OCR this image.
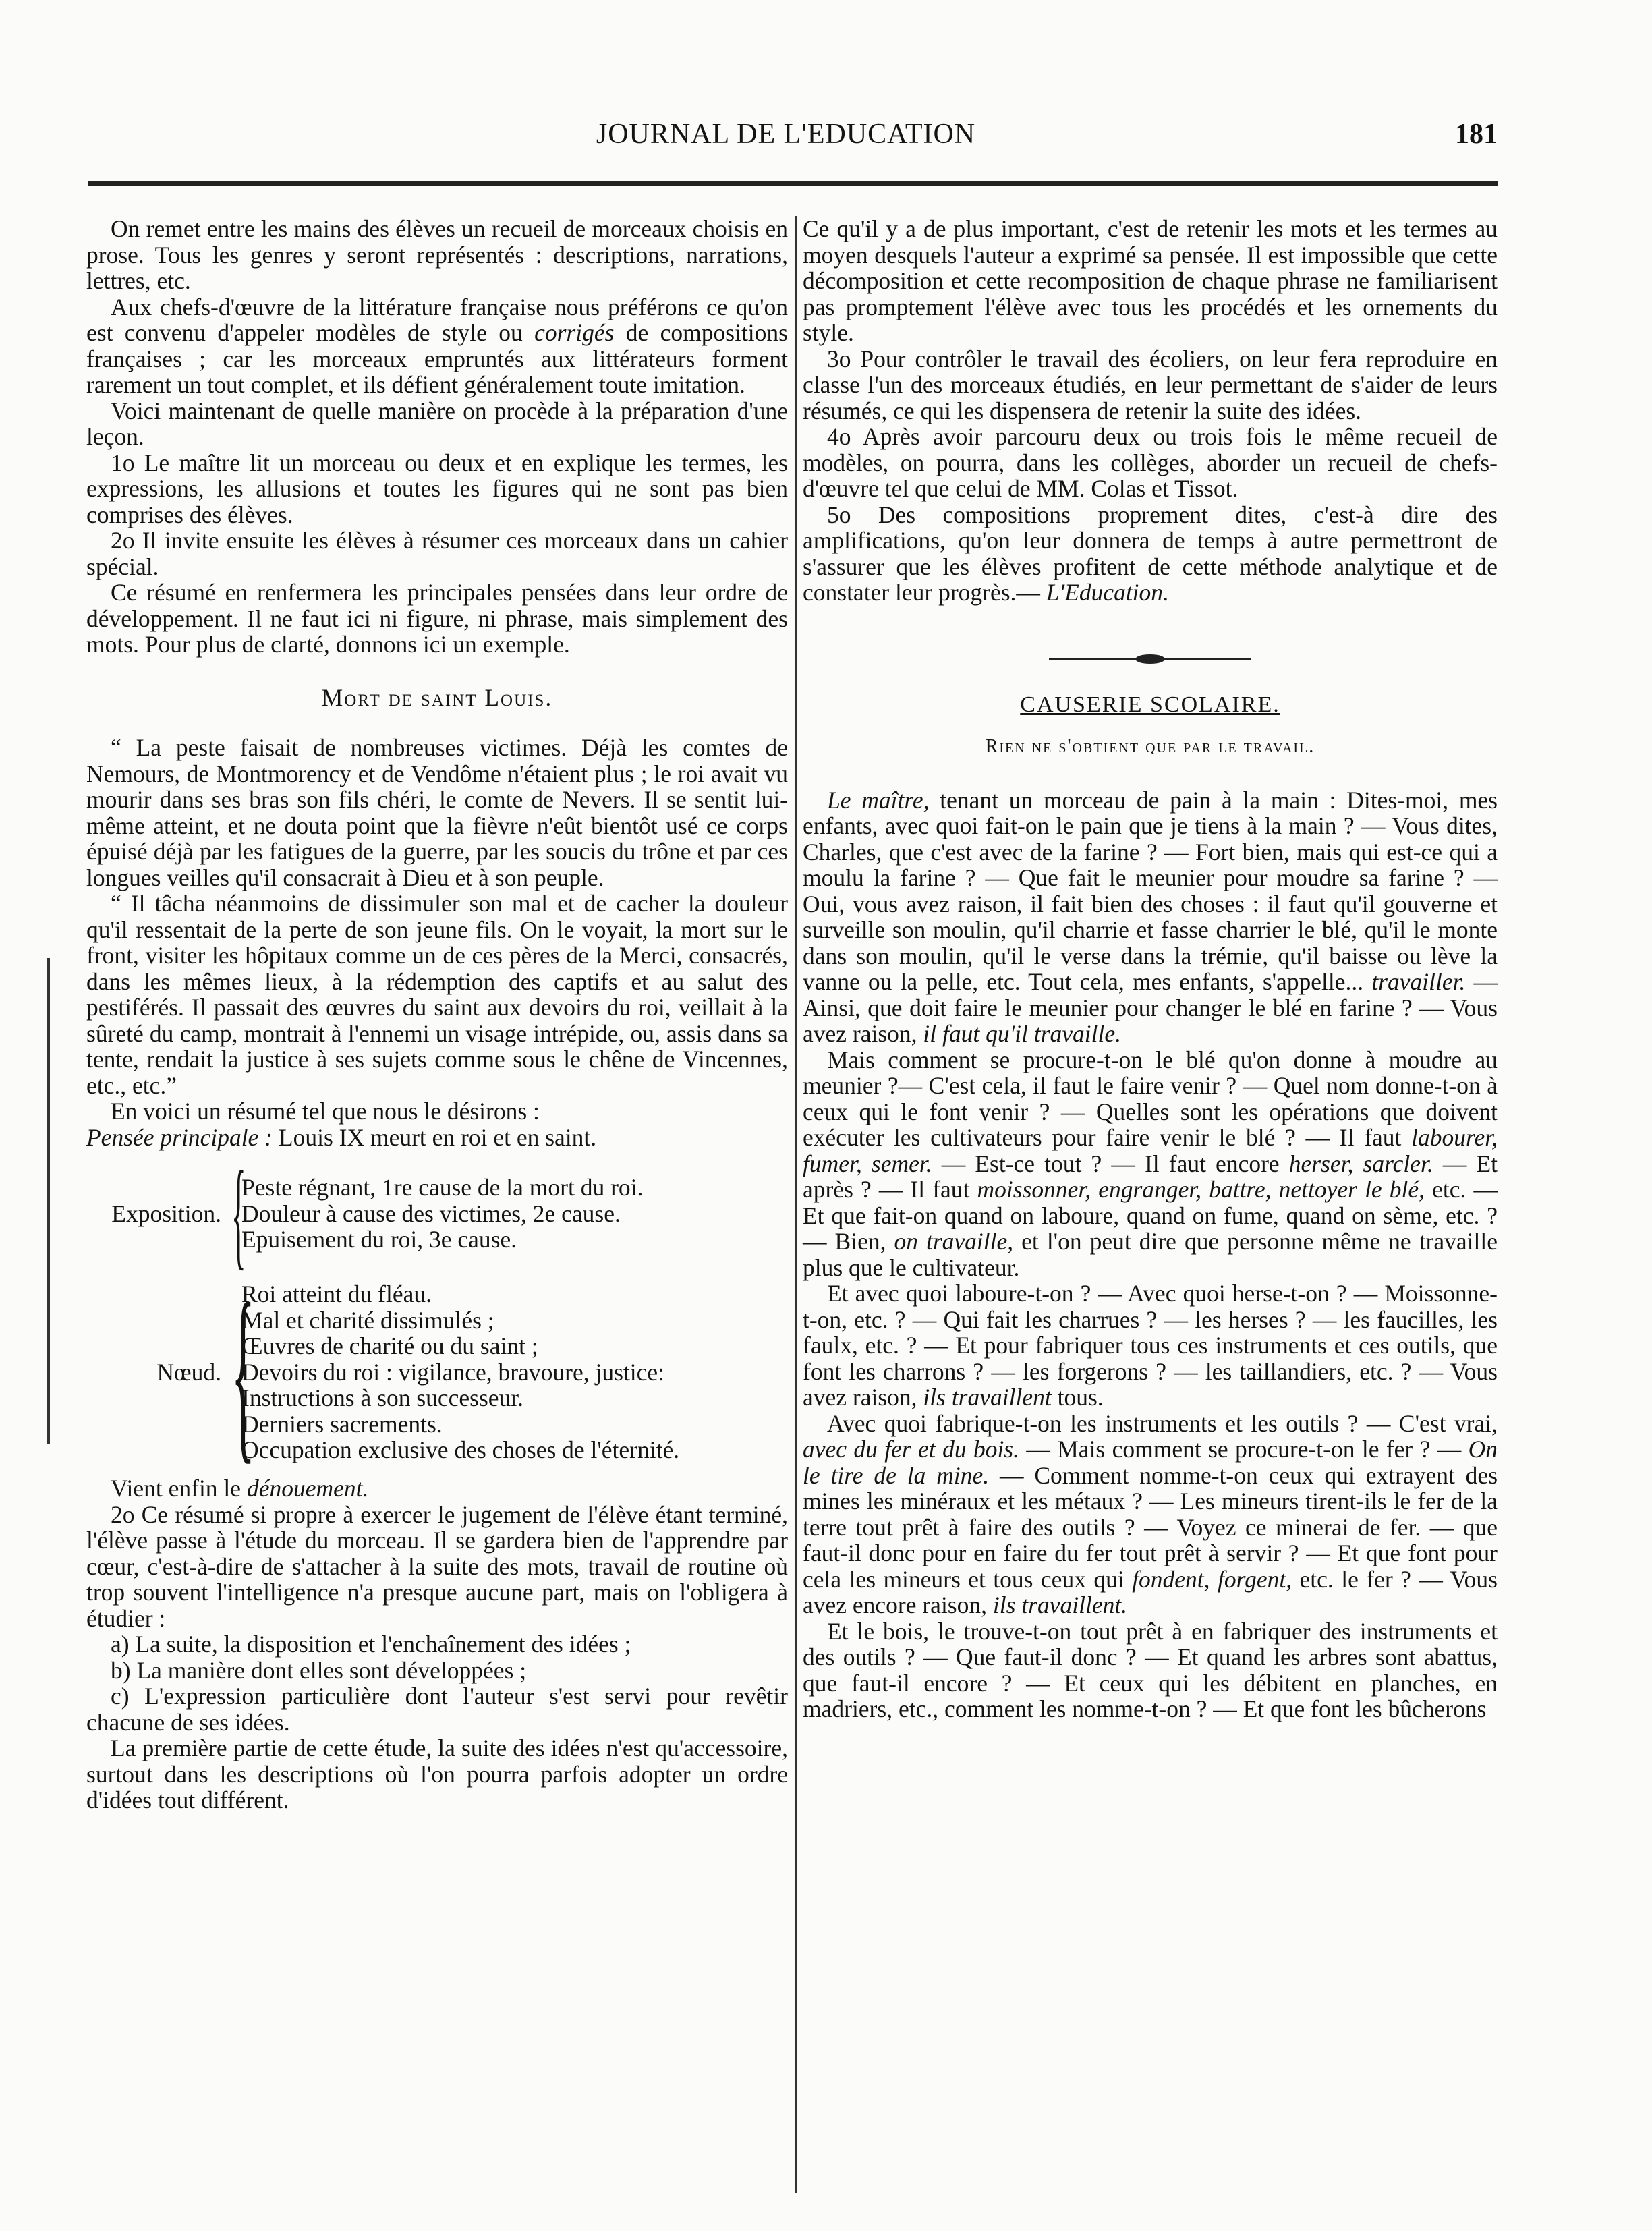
JOURNAL DE L'EDUCATION	181

On remet entre les mains des élèves un recueil de morceaux choisis en prose. Tous les genres y seront représentés : descriptions, narrations, lettres, etc.

Aux chefs-d'œuvre de la littérature française nous préférons ce qu'on est convenu d'appeler modèles de style ou corrigés de compositions françaises ; car les morceaux empruntés aux littérateurs forment rarement un tout complet, et ils défient généralement toute imitation.

Voici maintenant de quelle manière on procède à la préparation d'une leçon.

1o Le maître lit un morceau ou deux et en explique les termes, les expressions, les allusions et toutes les figures qui ne sont pas bien comprises des élèves.

2o Il invite ensuite les élèves à résumer ces morceaux dans un cahier spécial.

Ce résumé en renfermera les principales pensées dans leur ordre de développement. Il ne faut ici ni figure, ni phrase, mais simplement des mots. Pour plus de clarté, donnons ici un exemple.

Mort de saint Louis.

“ La peste faisait de nombreuses victimes. Déjà les comtes de Nemours, de Montmorency et de Vendôme n'étaient plus ; le roi avait vu mourir dans ses bras son fils chéri, le comte de Nevers. Il se sentit lui-même atteint, et ne douta point que la fièvre n'eût bientôt usé ce corps épuisé déjà par les fatigues de la guerre, par les soucis du trône et par ces longues veilles qu'il consacrait à Dieu et à son peuple.

“ Il tâcha néanmoins de dissimuler son mal et de cacher la douleur qu'il ressentait de la perte de son jeune fils. On le voyait, la mort sur le front, visiter les hôpitaux comme un de ces pères de la Merci, consacrés, dans les mêmes lieux, à la rédemption des captifs et au salut des pestiférés. Il passait des œuvres du saint aux devoirs du roi, veillait à la sûreté du camp, montrait à l'ennemi un visage intrépide, ou, assis dans sa tente, rendait la justice à ses sujets comme sous le chêne de Vincennes, etc., etc.”

En voici un résumé tel que nous le désirons :

Pensée principale : Louis IX meurt en roi et en saint.

Exposition. {
Peste régnant, 1re cause de la mort du roi.
Douleur à cause des victimes, 2e cause.
Epuisement du roi, 3e cause.
Nœud. {
Roi atteint du fléau.
Mal et charité dissimulés ;
Œuvres de charité ou du saint ;
Devoirs du roi : vigilance, bravoure, justice:
Instructions à son successeur.
Derniers sacrements.
Occupation exclusive des choses de l'éternité.

Vient enfin le dénouement.

2o Ce résumé si propre à exercer le jugement de l'élève étant terminé, l'élève passe à l'étude du morceau. Il se gardera bien de l'apprendre par cœur, c'est-à-dire de s'attacher à la suite des mots, travail de routine où trop souvent l'intelligence n'a presque aucune part, mais on l'obligera à étudier :

a) La suite, la disposition et l'enchaînement des idées ;

b) La manière dont elles sont développées ;

c) L'expression particulière dont l'auteur s'est servi pour revêtir chacune de ses idées.

La première partie de cette étude, la suite des idées n'est qu'accessoire, surtout dans les descriptions où l'on pourra parfois adopter un ordre d'idées tout différent.

Ce qu'il y a de plus important, c'est de retenir les mots et les termes au moyen desquels l'auteur a exprimé sa pensée. Il est impossible que cette décomposition et cette recomposition de chaque phrase ne familiarisent pas promptement l'élève avec tous les procédés et les ornements du style.

3o Pour contrôler le travail des écoliers, on leur fera reproduire en classe l'un des morceaux étudiés, en leur permettant de s'aider de leurs résumés, ce qui les dispensera de retenir la suite des idées.

4o Après avoir parcouru deux ou trois fois le même recueil de modèles, on pourra, dans les collèges, aborder un recueil de chefs-d'œuvre tel que celui de MM. Colas et Tissot.

5o Des compositions proprement dites, c'est-à dire des amplifications, qu'on leur donnera de temps à autre permettront de s'assurer que les élèves profitent de cette méthode analytique et de constater leur progrès.— L'Education.

CAUSERIE SCOLAIRE.

Rien ne s'obtient que par le travail.

Le maître, tenant un morceau de pain à la main : Dites-moi, mes enfants, avec quoi fait-on le pain que je tiens à la main ? — Vous dites, Charles, que c'est avec de la farine ? — Fort bien, mais qui est-ce qui a moulu la farine ? — Que fait le meunier pour moudre sa farine ? — Oui, vous avez raison, il fait bien des choses : il faut qu'il gouverne et surveille son moulin, qu'il charrie et fasse charrier le blé, qu'il le monte dans son moulin, qu'il le verse dans la trémie, qu'il baisse ou lève la vanne ou la pelle, etc. Tout cela, mes enfants, s'appelle... travailler. — Ainsi, que doit faire le meunier pour changer le blé en farine ? — Vous avez raison, il faut qu'il travaille.

Mais comment se procure-t-on le blé qu'on donne à moudre au meunier ?— C'est cela, il faut le faire venir ? — Quel nom donne-t-on à ceux qui le font venir ? — Quelles sont les opérations que doivent exécuter les cultivateurs pour faire venir le blé ? — Il faut labourer, fumer, semer. — Est-ce tout ? — Il faut encore herser, sarcler. — Et après ? — Il faut moissonner, engranger, battre, nettoyer le blé, etc. — Et que fait-on quand on laboure, quand on fume, quand on sème, etc. ? — Bien, on travaille, et l'on peut dire que personne même ne travaille plus que le cultivateur.

Et avec quoi laboure-t-on ? — Avec quoi herse-t-on ? — Moissonne-t-on, etc. ? — Qui fait les charrues ? — les herses ? — les faucilles, les faulx, etc. ? — Et pour fabriquer tous ces instruments et ces outils, que font les charrons ? — les forgerons ? — les taillandiers, etc. ? — Vous avez raison, ils travaillent tous.

Avec quoi fabrique-t-on les instruments et les outils ? — C'est vrai, avec du fer et du bois. — Mais comment se procure-t-on le fer ? — On le tire de la mine. — Comment nomme-t-on ceux qui extrayent des mines les minéraux et les métaux ? — Les mineurs tirent-ils le fer de la terre tout prêt à faire des outils ? — Voyez ce minerai de fer. — que faut-il donc pour en faire du fer tout prêt à servir ? — Et que font pour cela les mineurs et tous ceux qui fondent, forgent, etc. le fer ? — Vous avez encore raison, ils travaillent.

Et le bois, le trouve-t-on tout prêt à en fabriquer des instruments et des outils ? — Que faut-il donc ? — Et quand les arbres sont abattus, que faut-il encore ? — Et ceux qui les débitent en planches, en madriers, etc., comment les nomme-t-on ? — Et que font les bûcherons
